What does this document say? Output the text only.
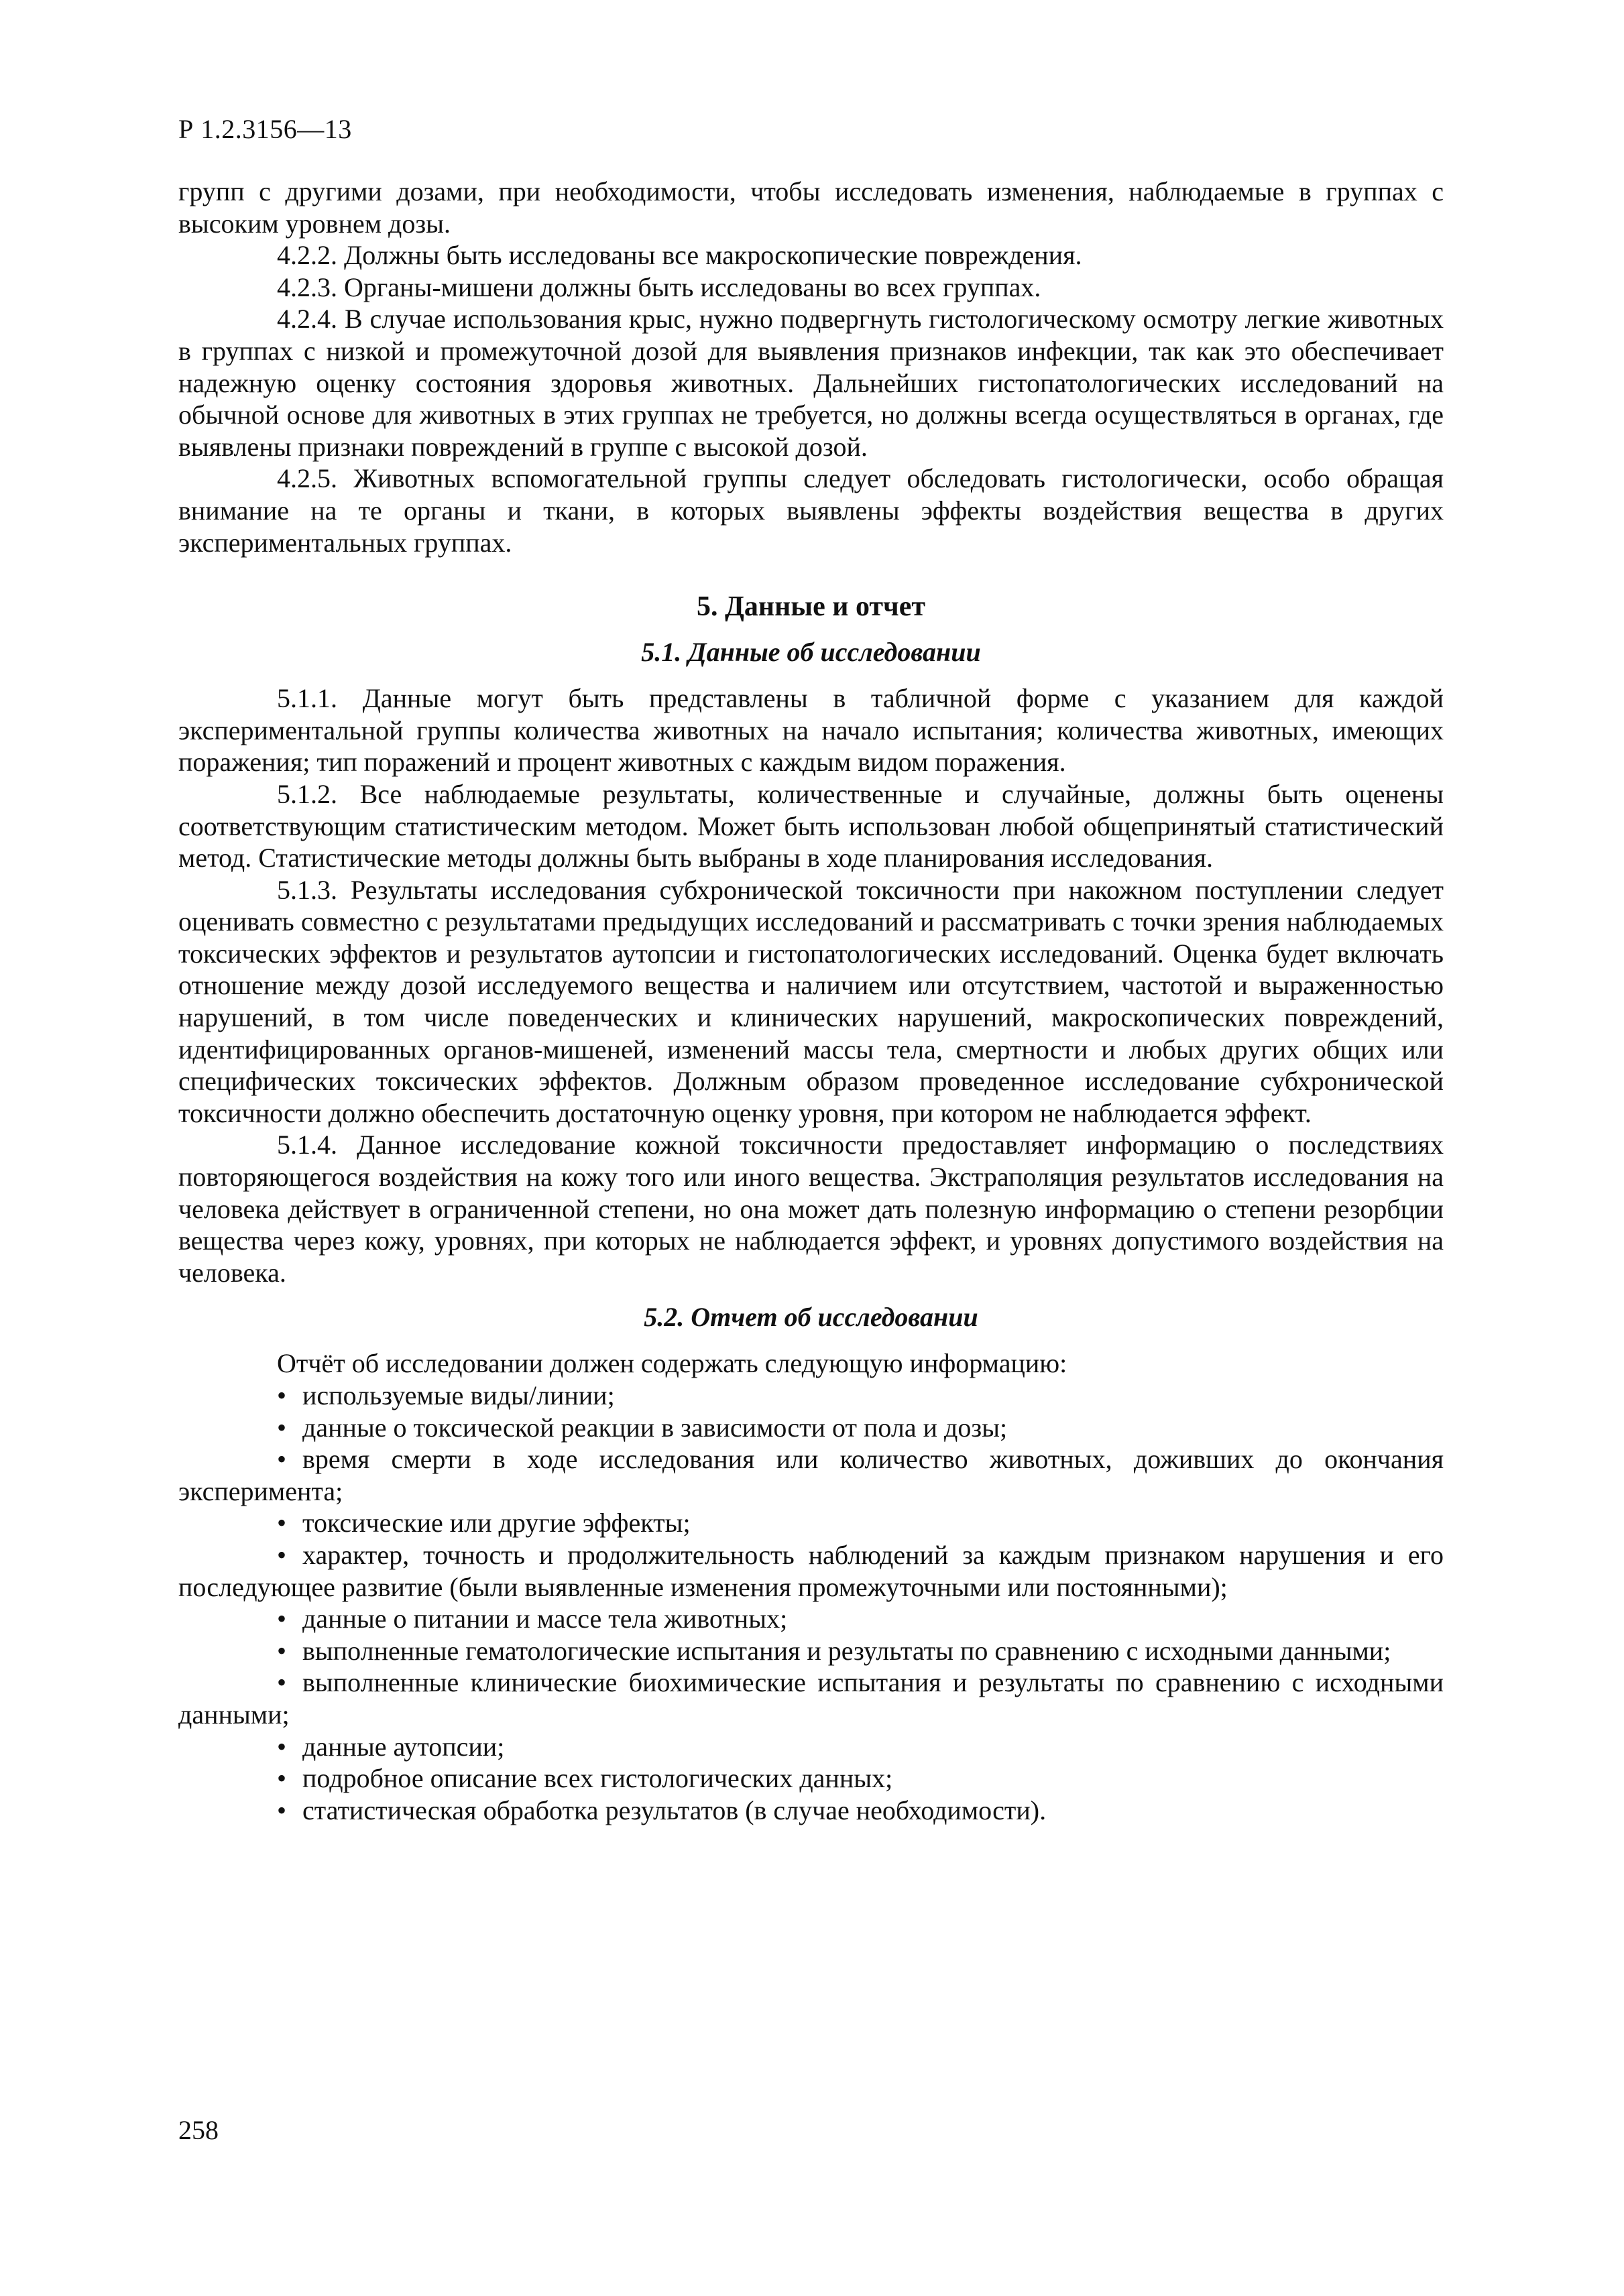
Р 1.2.3156—13

групп с другими дозами, при необходимости, чтобы исследовать изменения, наблюдаемые в группах с высоким уровнем дозы.

4.2.2. Должны быть исследованы все макроскопические повреждения.

4.2.3. Органы-мишени должны быть исследованы во всех группах.

4.2.4. В случае использования крыс, нужно подвергнуть гистологическому осмотру легкие животных в группах с низкой и промежуточной дозой для выявления признаков инфекции, так как это обеспечивает надежную оценку состояния здоровья животных. Дальнейших гистопатологических исследований на обычной основе для животных в этих группах не требуется, но должны всегда осуществляться в органах, где выявлены признаки повреждений в группе с высокой дозой.

4.2.5. Животных вспомогательной группы следует обследовать гистологически, особо обращая внимание на те органы и ткани, в которых выявлены эффекты воздействия вещества в других экспериментальных группах.

5. Данные и отчет
5.1. Данные об исследовании

5.1.1. Данные могут быть представлены в табличной форме с указанием для каждой экспериментальной группы количества животных на начало испытания; количества животных, имеющих поражения; тип поражений и процент животных с каждым видом поражения.

5.1.2. Все наблюдаемые результаты, количественные и случайные, должны быть оценены соответствующим статистическим методом. Может быть использован любой общепринятый статистический метод. Статистические методы должны быть выбраны в ходе планирования исследования.

5.1.3. Результаты исследования субхронической токсичности при накожном поступлении следует оценивать совместно с результатами предыдущих исследований и рассматривать с точки зрения наблюдаемых токсических эффектов и результатов аутопсии и гистопатологических исследований. Оценка будет включать отношение между дозой исследуемого вещества и наличием или отсутствием, частотой и выраженностью нарушений, в том числе поведенческих и клинических нарушений, макроскопических повреждений, идентифицированных органов-мишеней, изменений массы тела, смертности и любых других общих или специфических токсических эффектов. Должным образом проведенное исследование субхронической токсичности должно обеспечить достаточную оценку уровня, при котором не наблюдается эффект.

5.1.4. Данное исследование кожной токсичности предоставляет информацию о последствиях повторяющегося воздействия на кожу того или иного вещества. Экстраполяция результатов исследования на человека действует в ограниченной степени, но она может дать полезную информацию о степени резорбции вещества через кожу, уровнях, при которых не наблюдается эффект, и уровнях допустимого воздействия на человека.

5.2. Отчет об исследовании

Отчёт об исследовании должен содержать следующую информацию:

• используемые виды/линии;
• данные о токсической реакции в зависимости от пола и дозы;
• время смерти в ходе исследования или количество животных, доживших до окончания эксперимента;
• токсические или другие эффекты;
• характер, точность и продолжительность наблюдений за каждым признаком нарушения и его последующее развитие (были выявленные изменения промежуточными или постоянными);
• данные о питании и массе тела животных;
• выполненные гематологические испытания и результаты по сравнению с исходными данными;
• выполненные клинические биохимические испытания и результаты по сравнению с исходными данными;
• данные аутопсии;
• подробное описание всех гистологических данных;
• статистическая обработка результатов (в случае необходимости).
258
